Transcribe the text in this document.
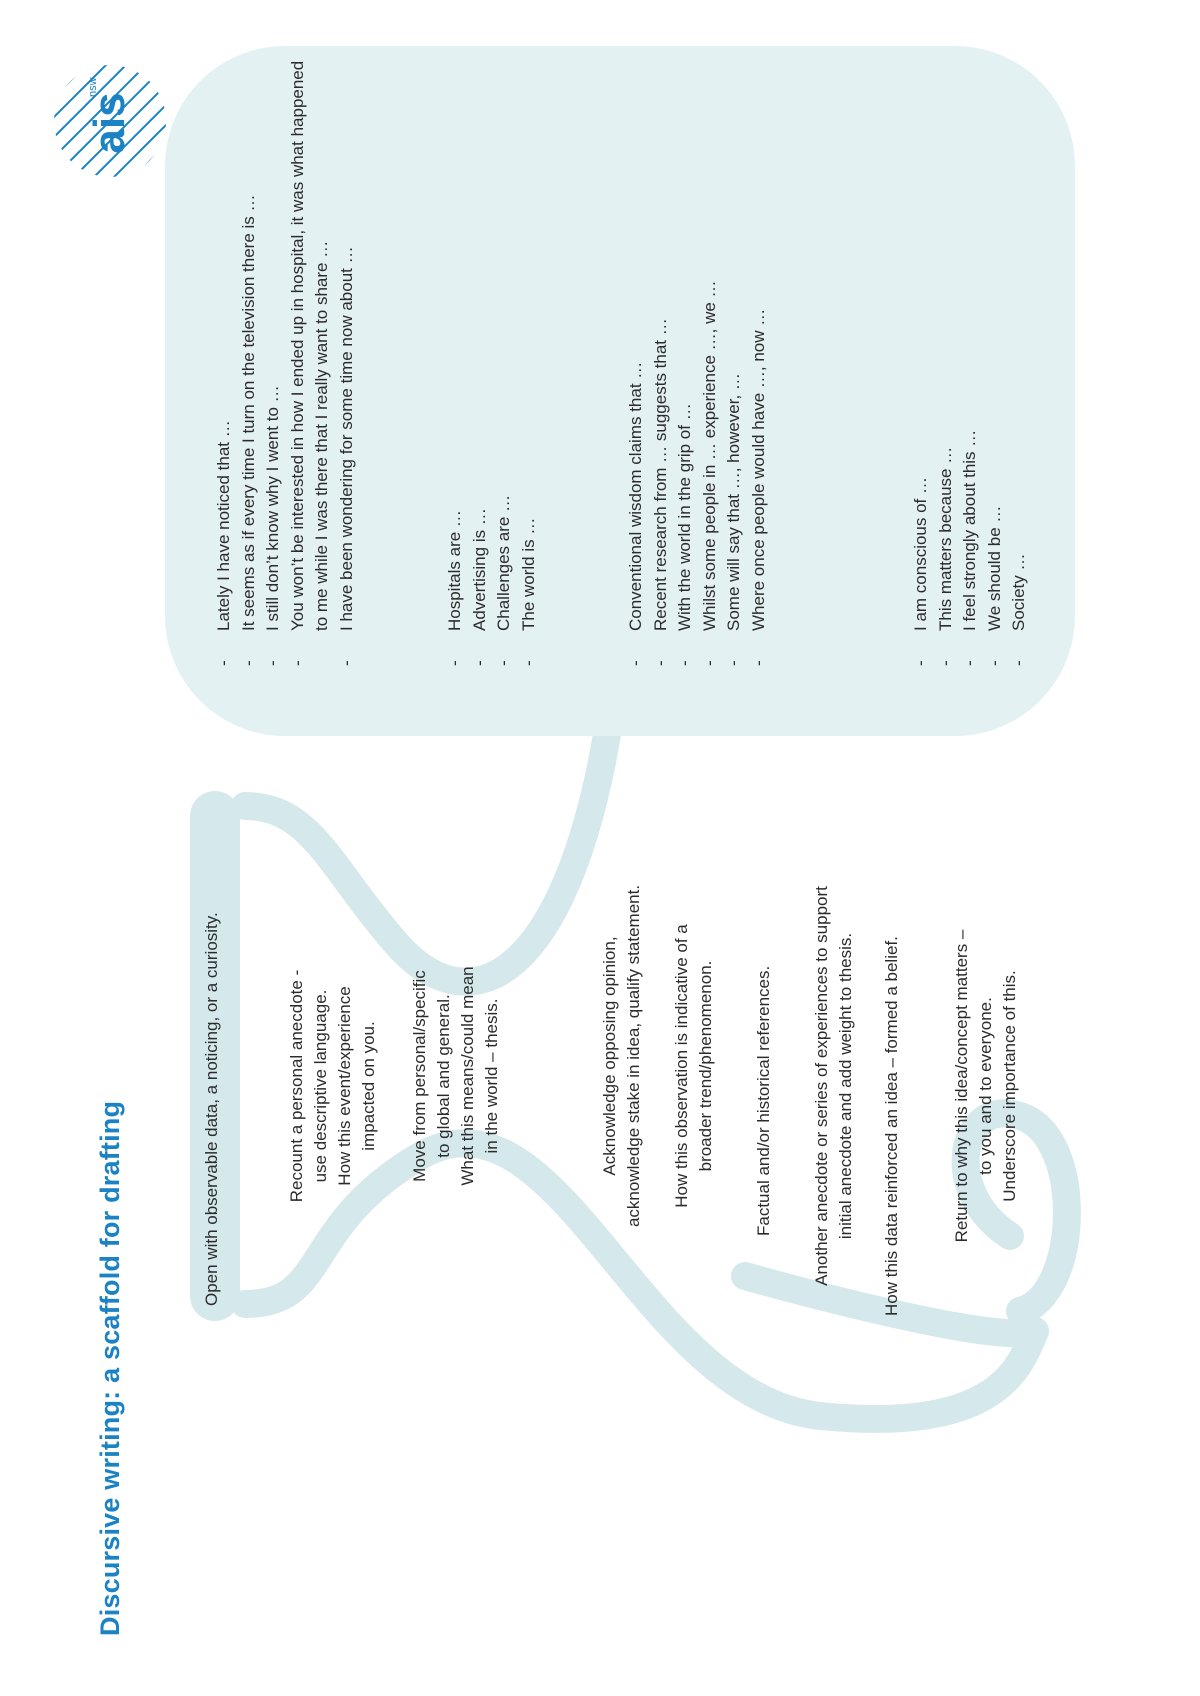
Discursive writing: a scaffold for drafting	Open with observable data, a noticing, or a curiosity.	Recount a personal anecdote - use descriptive language. How this event/experience impacted on you. Move from personal/specific to global and general. What this means/could mean in the world – thesis.	Acknowledge opposing opinion, acknowledge stake in idea, qualify statement. How this observation is indicative of a broader trend/phenomenon. Factual and/or historical references. Another anecdote or series of experiences to support initial anecdote and add weight to thesis. How this data reinforced an idea – formed a belief.	Return to why this idea/concept matters – to you and to everyone. Underscore importance of this.
- Lately I have noticed that … - It seems as if every time I turn on the television there is … - I still don’t know why I went to … - You won’t be interested in how I ended up in hospital, it was what happened to me while I was there that I really want to share … - I have been wondering for some time now about …	- Hospitals are … - Advertising is … - Challenges are … - The world is …	- Conventional wisdom claims that … - Recent research from … suggests that … - With the world in the grip of … - Whilst some people in … experience …, we … - Some will say that …, however, … - Where once people would have …, now …	- I am conscious of … - This matters because … - I feel strongly about this … - We should be … - Society …
ais
nsw
